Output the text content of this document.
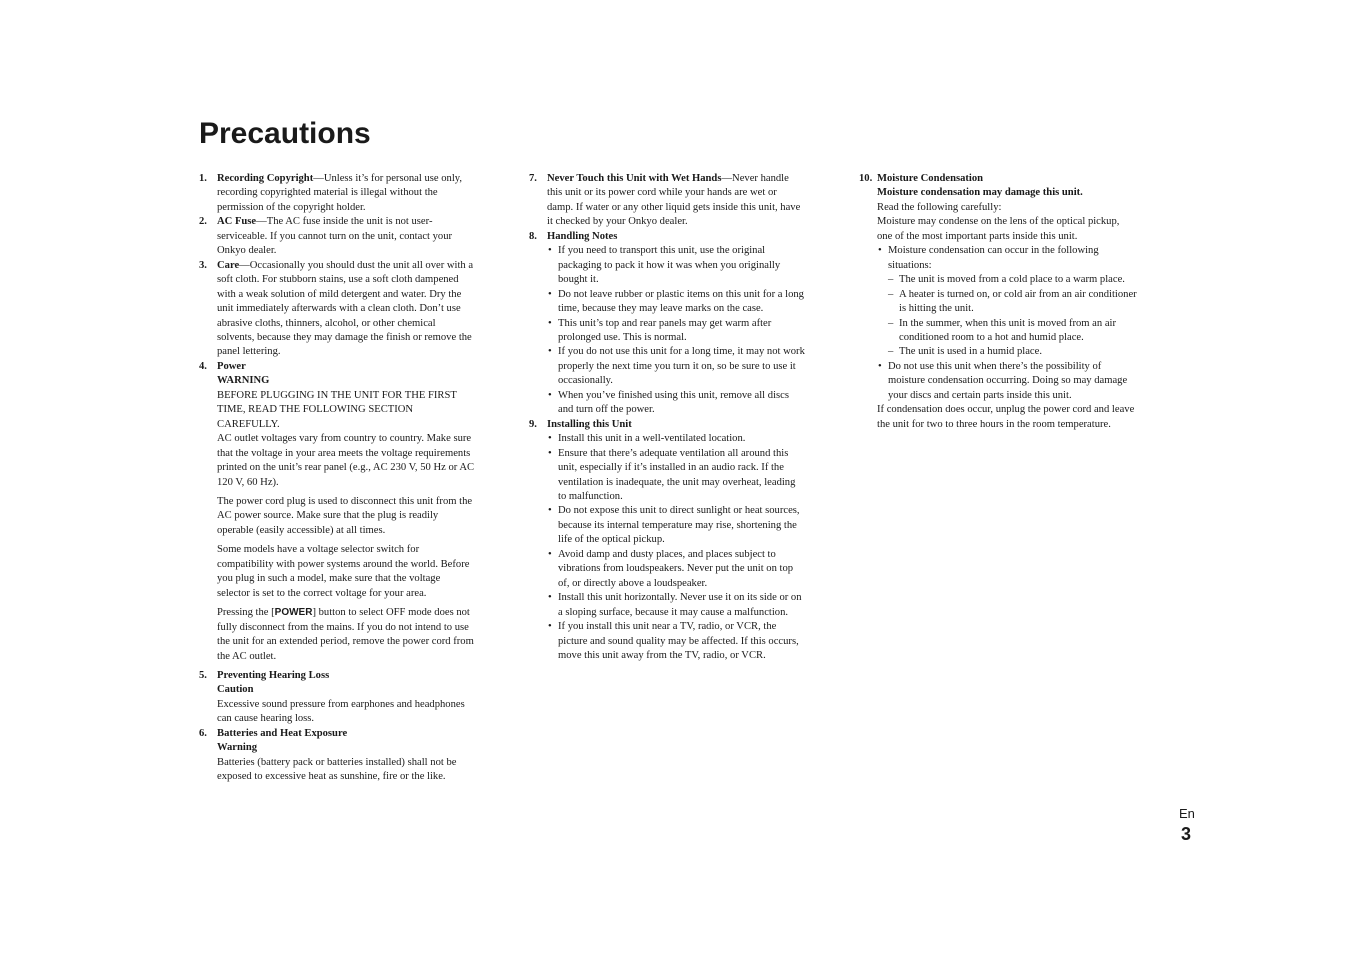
Precautions
1. Recording Copyright—Unless it’s for personal use only, recording copyrighted material is illegal without the permission of the copyright holder.
2. AC Fuse—The AC fuse inside the unit is not user-serviceable. If you cannot turn on the unit, contact your Onkyo dealer.
3. Care—Occasionally you should dust the unit all over with a soft cloth. For stubborn stains, use a soft cloth dampened with a weak solution of mild detergent and water. Dry the unit immediately afterwards with a clean cloth. Don’t use abrasive cloths, thinners, alcohol, or other chemical solvents, because they may damage the finish or remove the panel lettering.
4. Power
WARNING
BEFORE PLUGGING IN THE UNIT FOR THE FIRST TIME, READ THE FOLLOWING SECTION CAREFULLY.
AC outlet voltages vary from country to country. Make sure that the voltage in your area meets the voltage requirements printed on the unit’s rear panel (e.g., AC 230 V, 50 Hz or AC 120 V, 60 Hz).
The power cord plug is used to disconnect this unit from the AC power source. Make sure that the plug is readily operable (easily accessible) at all times.
Some models have a voltage selector switch for compatibility with power systems around the world. Before you plug in such a model, make sure that the voltage selector is set to the correct voltage for your area.
Pressing the [POWER] button to select OFF mode does not fully disconnect from the mains. If you do not intend to use the unit for an extended period, remove the power cord from the AC outlet.
5. Preventing Hearing Loss
Caution
Excessive sound pressure from earphones and headphones can cause hearing loss.
6. Batteries and Heat Exposure
Warning
Batteries (battery pack or batteries installed) shall not be exposed to excessive heat as sunshine, fire or the like.
7. Never Touch this Unit with Wet Hands—Never handle this unit or its power cord while your hands are wet or damp. If water or any other liquid gets inside this unit, have it checked by your Onkyo dealer.
8. Handling Notes
• If you need to transport this unit, use the original packaging to pack it how it was when you originally bought it.
• Do not leave rubber or plastic items on this unit for a long time, because they may leave marks on the case.
• This unit’s top and rear panels may get warm after prolonged use. This is normal.
• If you do not use this unit for a long time, it may not work properly the next time you turn it on, so be sure to use it occasionally.
• When you’ve finished using this unit, remove all discs and turn off the power.
9. Installing this Unit
• Install this unit in a well-ventilated location.
• Ensure that there’s adequate ventilation all around this unit, especially if it’s installed in an audio rack. If the ventilation is inadequate, the unit may overheat, leading to malfunction.
• Do not expose this unit to direct sunlight or heat sources, because its internal temperature may rise, shortening the life of the optical pickup.
• Avoid damp and dusty places, and places subject to vibrations from loudspeakers. Never put the unit on top of, or directly above a loudspeaker.
• Install this unit horizontally. Never use it on its side or on a sloping surface, because it may cause a malfunction.
• If you install this unit near a TV, radio, or VCR, the picture and sound quality may be affected. If this occurs, move this unit away from the TV, radio, or VCR.
10. Moisture Condensation
Moisture condensation may damage this unit.
Read the following carefully:
Moisture may condense on the lens of the optical pickup, one of the most important parts inside this unit.
• Moisture condensation can occur in the following situations:
– The unit is moved from a cold place to a warm place.
– A heater is turned on, or cold air from an air conditioner is hitting the unit.
– In the summer, when this unit is moved from an air conditioned room to a hot and humid place.
– The unit is used in a humid place.
• Do not use this unit when there’s the possibility of moisture condensation occurring. Doing so may damage your discs and certain parts inside this unit.
If condensation does occur, unplug the power cord and leave the unit for two to three hours in the room temperature.
En
3
